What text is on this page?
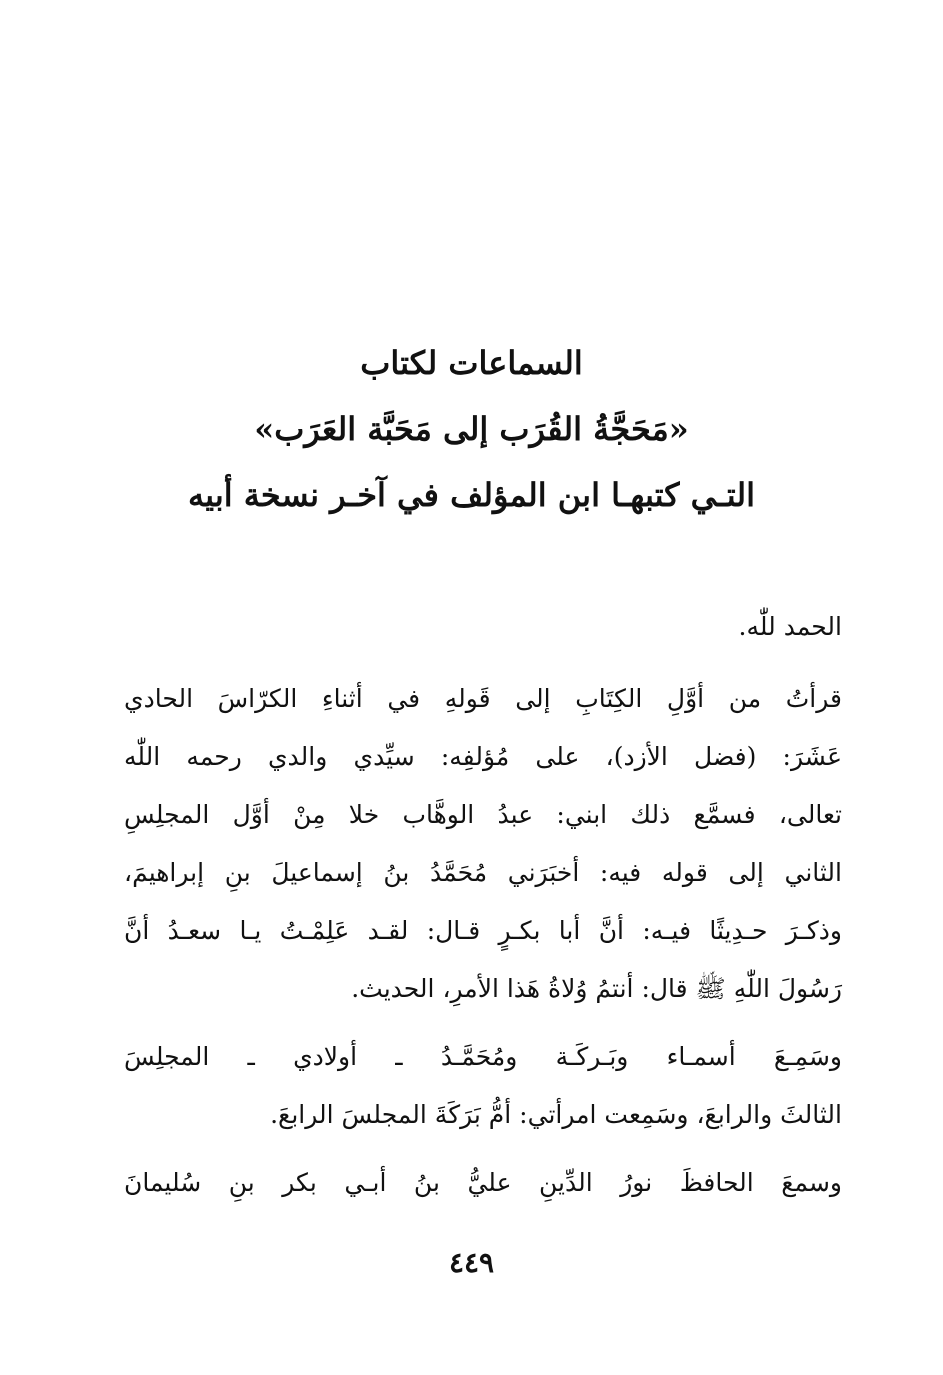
السماعات لكتاب
«مَحَجَّةُ القُرَب إلى مَحَبَّة العَرَب»
التـي كتبهـا ابن المؤلف في آخـر نسخة أبيه

الحمد للّٰه.

قرأتُ من أوَّلِ الكِتَابِ إلى قَولهِ في أثناءِ الكرّاسَ الحادي
عَشَرَ: (فضل الأزد)، على مُؤلفِه: سيِّدي والدي رحمه اللّٰه
تعالى، فسمَّع ذلك ابني: عبدُ الوهَّاب خلا مِنْ أوَّل المجلِسِ
الثاني إلى قوله فيه: أخبَرَني مُحَمَّدُ بنُ إسماعيلَ بنِ إبراهيمَ،
وذكـرَ حـدِيثًا فيـه: أنَّ أبا بكـرٍ قـال: لقـد عَلِمْـتُ يـا سعـدُ أنَّ
رَسُولَ اللّٰهِ ﷺ قال: أنتمُ وُلاةُ هَذا الأمرِ، الحديث.

وسَمِـعَ أسمـاء وبَـركَـة ومُحَمَّـدُ ـ أولادي ـ المجلِسَ
الثالثَ والرابعَ، وسَمِعت امرأتي: أمُّ بَرَكَةَ المجلسَ الرابعَ.

وسمعَ الحافظَ نورُ الدِّينِ عليُّ بنُ أبـي بكر بنِ سُليمانَ

٤٤٩
